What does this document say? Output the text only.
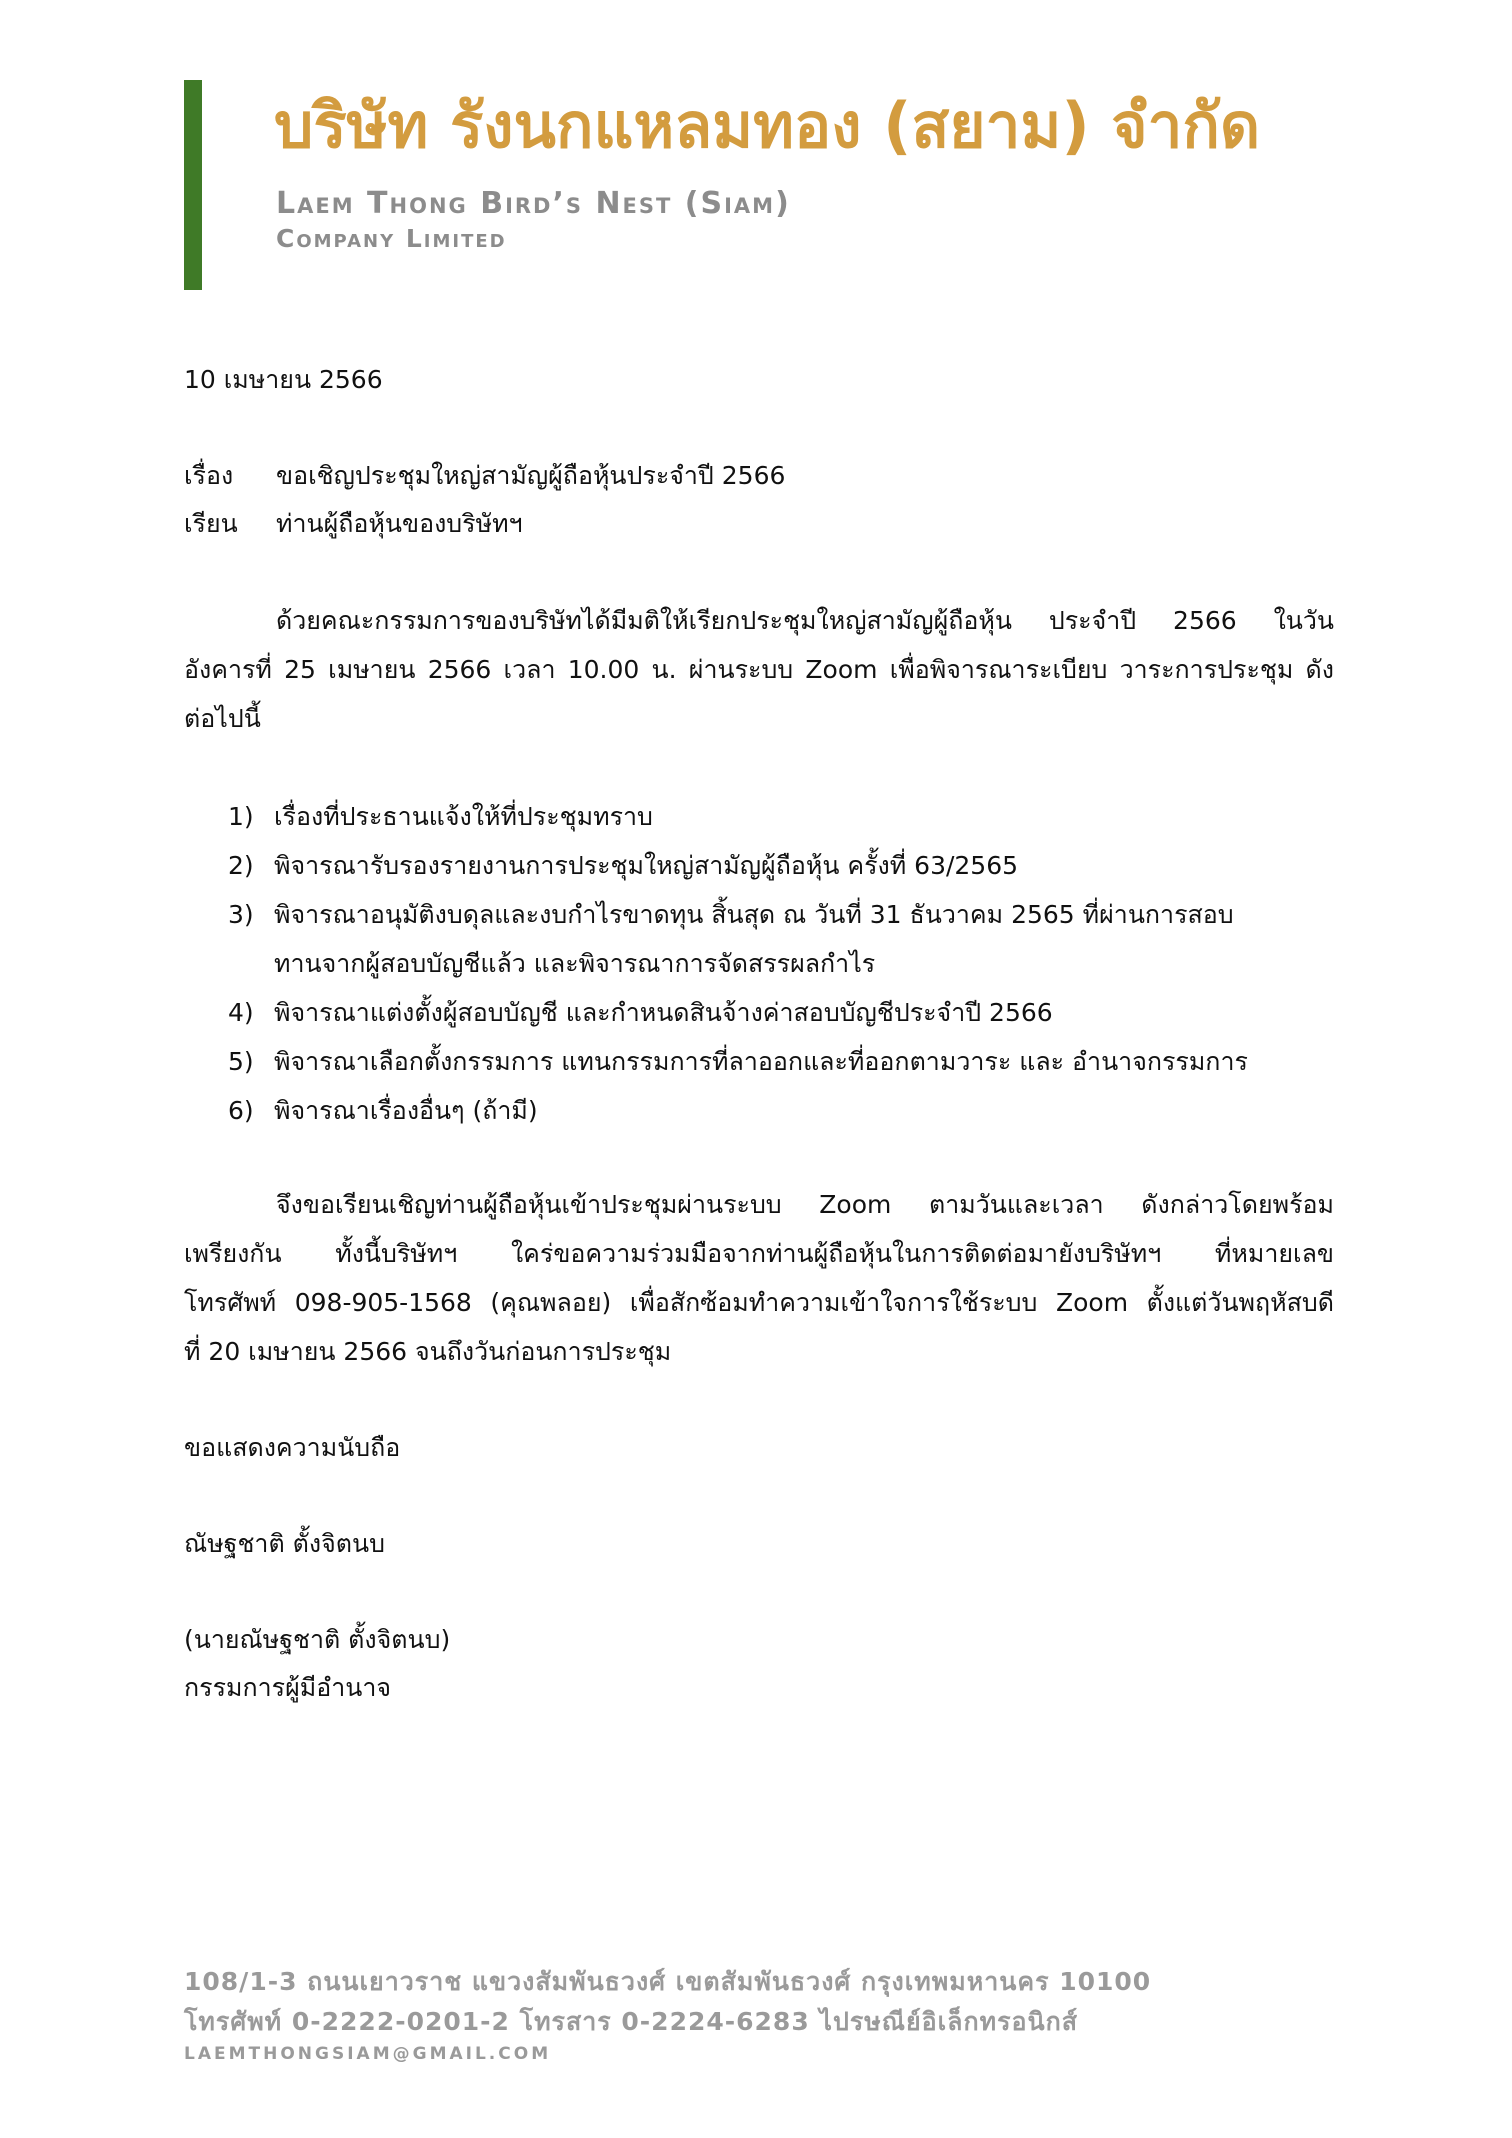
บริษัท รังนกแหลมทอง (สยาม) จำกัด
Laem Thong Bird’s Nest (Siam)
Company Limited
10 เมษายน 2566
เรื่อง ขอเชิญประชุมใหญ่สามัญผู้ถือหุ้นประจำปี 2566
เรียน ท่านผู้ถือหุ้นของบริษัทฯ
ด้วยคณะกรรมการของบริษัทได้มีมติให้เรียกประชุมใหญ่สามัญผู้ถือหุ้น ประจำปี 2566 ในวัน
อังคารที่ 25 เมษายน 2566 เวลา 10.00 น. ผ่านระบบ Zoom เพื่อพิจารณาระเบียบ วาระการประชุม ดัง
ต่อไปนี้
1) เรื่องที่ประธานแจ้งให้ที่ประชุมทราบ
2) พิจารณารับรองรายงานการประชุมใหญ่สามัญผู้ถือหุ้น ครั้งที่ 63/2565
3) พิจารณาอนุมัติงบดุลและงบกำไรขาดทุน สิ้นสุด ณ วันที่ 31 ธันวาคม 2565 ที่ผ่านการสอบ
ทานจากผู้สอบบัญชีแล้ว และพิจารณาการจัดสรรผลกำไร
4) พิจารณาแต่งตั้งผู้สอบบัญชี และกำหนดสินจ้างค่าสอบบัญชีประจำปี 2566
5) พิจารณาเลือกตั้งกรรมการ แทนกรรมการที่ลาออกและที่ออกตามวาระ และ อำนาจกรรมการ
6) พิจารณาเรื่องอื่นๆ (ถ้ามี)
จึงขอเรียนเชิญท่านผู้ถือหุ้นเข้าประชุมผ่านระบบ Zoom ตามวันและเวลา ดังกล่าวโดยพร้อม
เพรียงกัน ทั้งนี้บริษัทฯ ใคร่ขอความร่วมมือจากท่านผู้ถือหุ้นในการติดต่อมายังบริษัทฯ ที่หมายเลข
โทรศัพท์ 098-905-1568 (คุณพลอย) เพื่อสักซ้อมทำความเข้าใจการใช้ระบบ Zoom ตั้งแต่วันพฤหัสบดี
ที่ 20 เมษายน 2566 จนถึงวันก่อนการประชุม
ขอแสดงความนับถือ
ณัษฐชาติ ตั้งจิตนบ
(นายณัษฐชาติ ตั้งจิตนบ)
กรรมการผู้มีอำนาจ
108/1-3 ถนนเยาวราช แขวงสัมพันธวงศ์ เขตสัมพันธวงศ์ กรุงเทพมหานคร 10100
โทรศัพท์ 0-2222-0201-2 โทรสาร 0-2224-6283 ไปรษณีย์อิเล็กทรอนิกส์
LAEMTHONGSIAM@GMAIL.COM
